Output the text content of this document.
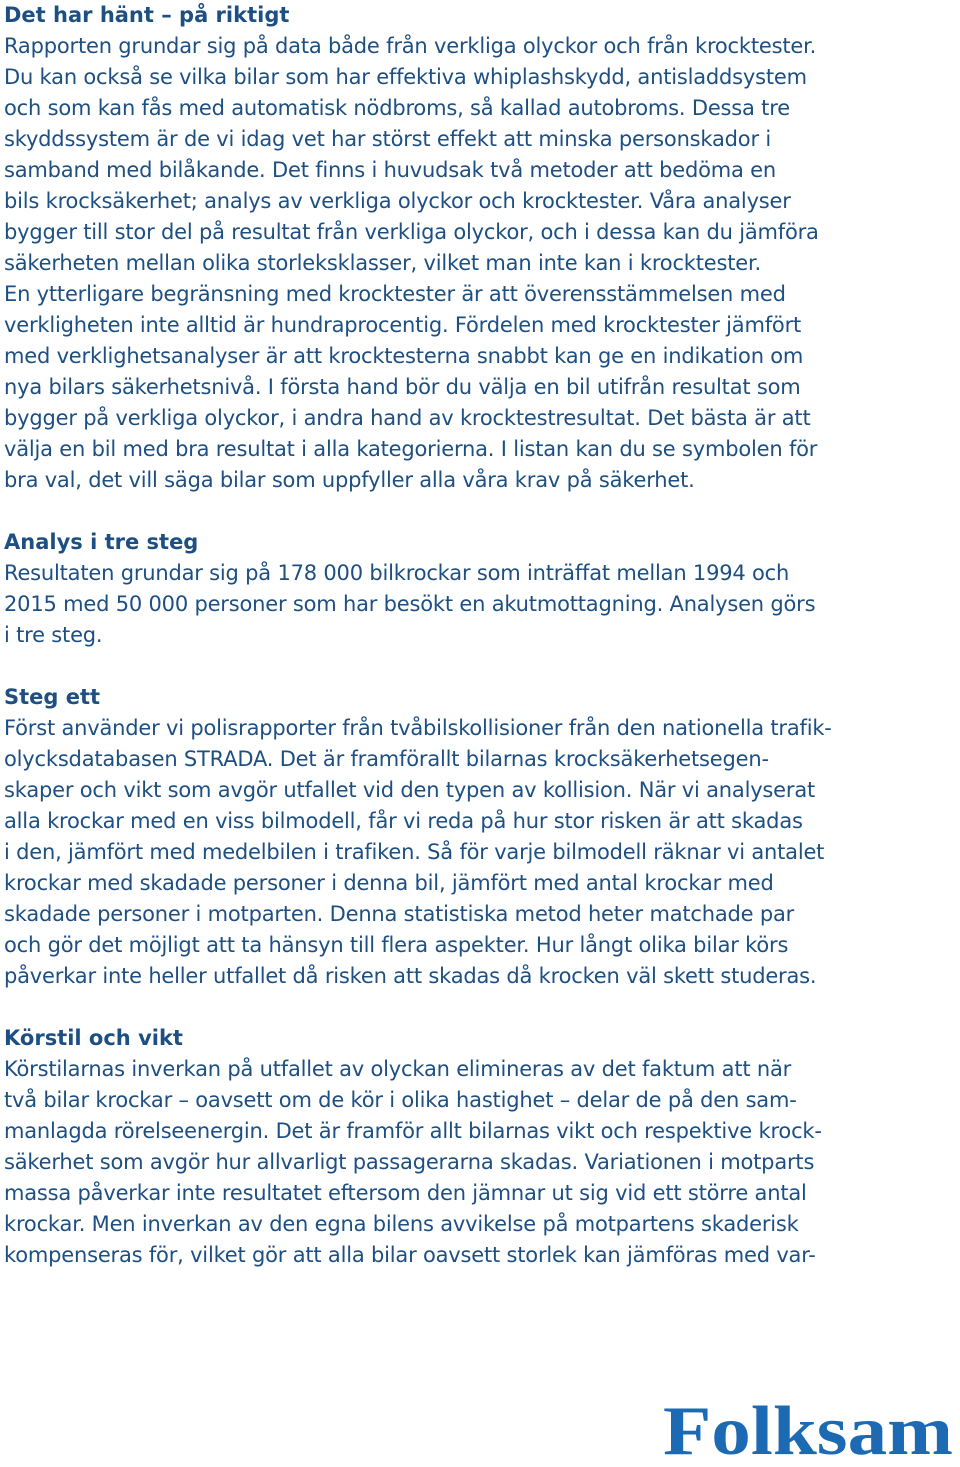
Det har hänt – på riktigt
Rapporten grundar sig på data både från verkliga olyckor och från krocktester.
Du kan också se vilka bilar som har effektiva whiplashskydd, antisladdsystem
och som kan fås med automatisk nödbroms, så kallad autobroms. Dessa tre
skyddssystem är de vi idag vet har störst effekt att minska personskador i
samband med bilåkande. Det finns i huvudsak två metoder att bedöma en
bils krocksäkerhet; analys av verkliga olyckor och krocktester. Våra analyser
bygger till stor del på resultat från verkliga olyckor, och i dessa kan du jämföra
säkerheten mellan olika storleksklasser, vilket man inte kan i krocktester.
En ytterligare begränsning med krocktester är att överensstämmelsen med
verkligheten inte alltid är hundraprocentig. Fördelen med krocktester jämfört
med verklighetsanalyser är att krocktesterna snabbt kan ge en indikation om
nya bilars säkerhetsnivå. I första hand bör du välja en bil utifrån resultat som
bygger på verkliga olyckor, i andra hand av krocktestresultat. Det bästa är att
välja en bil med bra resultat i alla kategorierna. I listan kan du se symbolen för
bra val, det vill säga bilar som uppfyller alla våra krav på säkerhet.
Analys i tre steg
Resultaten grundar sig på 178 000 bilkrockar som inträffat mellan 1994 och
2015 med 50 000 personer som har besökt en akutmottagning. Analysen görs
i tre steg.
Steg ett
Först använder vi polisrapporter från tvåbilskollisioner från den nationella trafik-
olycksdatabasen STRADA. Det är framförallt bilarnas krocksäkerhetsegen-
skaper och vikt som avgör utfallet vid den typen av kollision. När vi analyserat
alla krockar med en viss bilmodell, får vi reda på hur stor risken är att skadas
i den, jämfört med medelbilen i trafiken. Så för varje bilmodell räknar vi antalet
krockar med skadade personer i denna bil, jämfört med antal krockar med
skadade personer i motparten. Denna statistiska metod heter matchade par
och gör det möjligt att ta hänsyn till flera aspekter. Hur långt olika bilar körs
påverkar inte heller utfallet då risken att skadas då krocken väl skett studeras.
Körstil och vikt
Körstilarnas inverkan på utfallet av olyckan elimineras av det faktum att när
två bilar krockar – oavsett om de kör i olika hastighet – delar de på den sam-
manlagda rörelseenergin. Det är framför allt bilarnas vikt och respektive krock-
säkerhet som avgör hur allvarligt passagerarna skadas. Variationen i motparts
massa påverkar inte resultatet eftersom den jämnar ut sig vid ett större antal
krockar. Men inverkan av den egna bilens avvikelse på motpartens skaderisk
kompenseras för, vilket gör att alla bilar oavsett storlek kan jämföras med var-
Folksam
